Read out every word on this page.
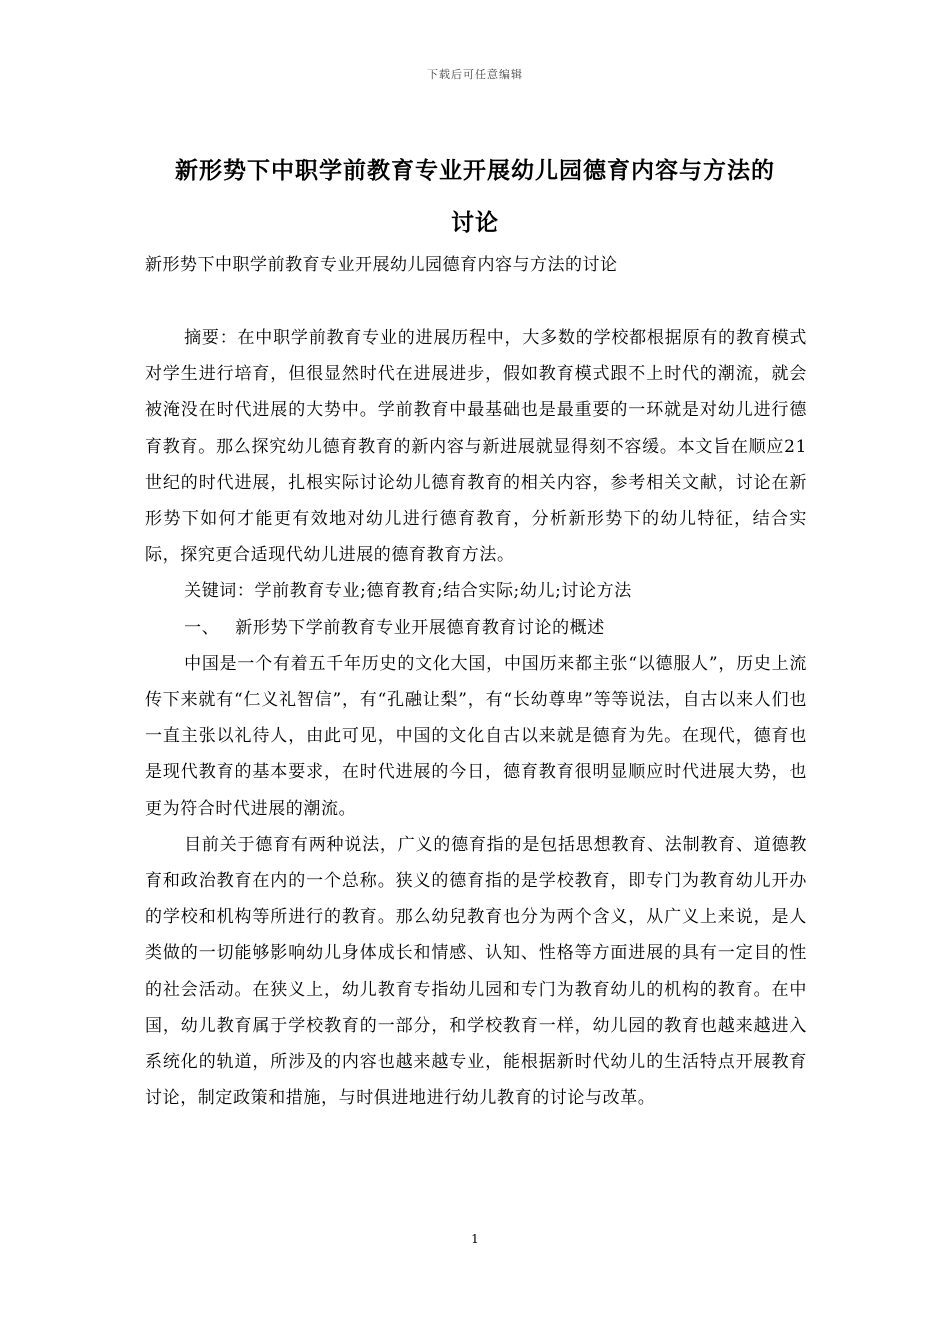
下载后可任意编辑
新形势下中职学前教育专业开展幼儿园德育内容与方法的
讨论
新形势下中职学前教育专业开展幼儿园德育内容与方法的讨论

摘要：在中职学前教育专业的进展历程中，大多数的学校都根据原有的教育模式对学生进行培育，但很显然时代在进展进步，假如教育模式跟不上时代的潮流，就会被淹没在时代进展的大势中。学前教育中最基础也是最重要的一环就是对幼儿进行德育教育。那么探究幼儿德育教育的新内容与新进展就显得刻不容缓。本文旨在顺应21世纪的时代进展，扎根实际讨论幼儿德育教育的相关内容，参考相关文献，讨论在新形势下如何才能更有效地对幼儿进行德育教育，分析新形势下的幼儿特征，结合实际，探究更合适现代幼儿进展的德育教育方法。

关键词：学前教育专业;德育教育;结合实际;幼儿;讨论方法

一、 新形势下学前教育专业开展德育教育讨论的概述

中国是一个有着五千年历史的文化大国，中国历来都主张“以德服人”，历史上流传下来就有“仁义礼智信”，有“孔融让梨”，有“长幼尊卑”等等说法，自古以来人们也一直主张以礼待人，由此可见，中国的文化自古以来就是德育为先。在现代，德育也是现代教育的基本要求，在时代进展的今日，德育教育很明显顺应时代进展大势，也更为符合时代进展的潮流。

目前关于德育有两种说法，广义的德育指的是包括思想教育、法制教育、道德教育和政治教育在内的一个总称。狭义的德育指的是学校教育，即专门为教育幼儿开办的学校和机构等所进行的教育。那么幼兒教育也分为两个含义，从广义上来说，是人类做的一切能够影响幼儿身体成长和情感、认知、性格等方面进展的具有一定目的性的社会活动。在狭义上，幼儿教育专指幼儿园和专门为教育幼儿的机构的教育。在中国，幼儿教育属于学校教育的一部分，和学校教育一样，幼儿园的教育也越来越进入系统化的轨道，所涉及的内容也越来越专业，能根据新时代幼儿的生活特点开展教育讨论，制定政策和措施，与时俱进地进行幼儿教育的讨论与改革。

1
